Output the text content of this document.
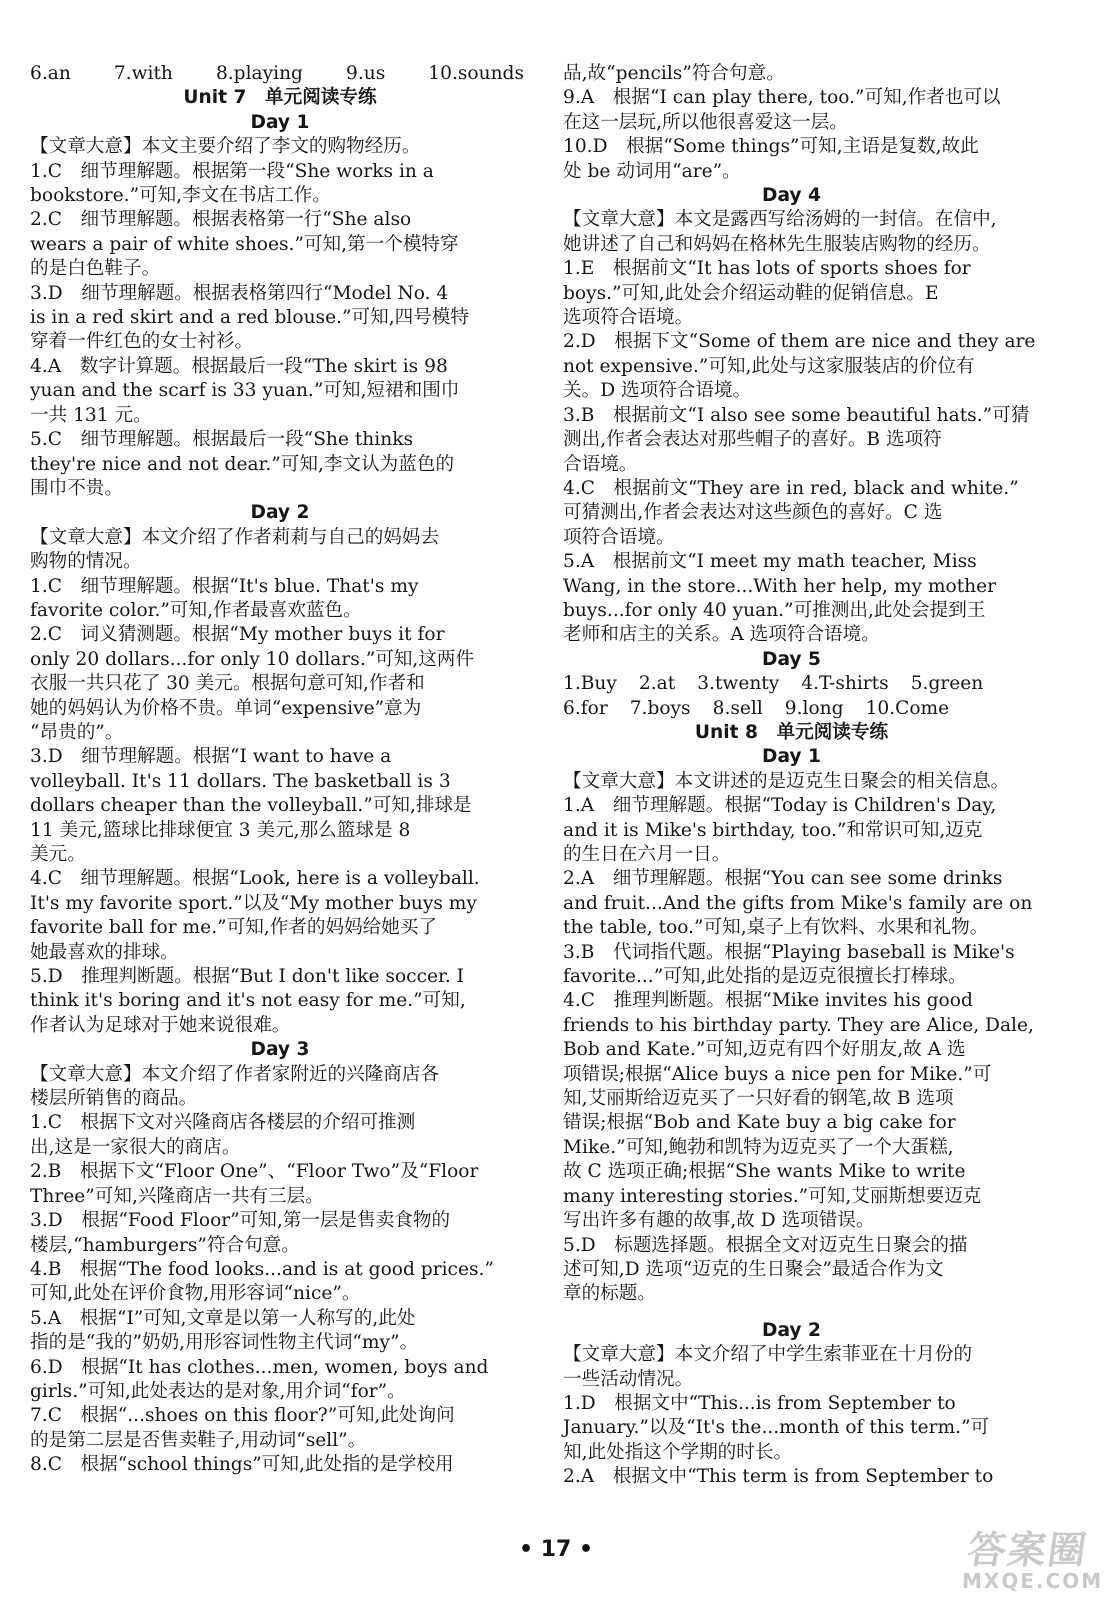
6.an 7.with 8.playing 9.us 10.sounds
Unit 7　单元阅读专练
Day 1
【文章大意】本文主要介绍了李文的购物经历。
1.C　细节理解题。根据第一段“She works in a
bookstore.”可知,李文在书店工作。
2.C　细节理解题。根据表格第一行“She also
wears a pair of white shoes.”可知,第一个模特穿
的是白色鞋子。
3.D　细节理解题。根据表格第四行“Model No. 4
is in a red skirt and a red blouse.”可知,四号模特
穿着一件红色的女士衬衫。
4.A　数字计算题。根据最后一段“The skirt is 98
yuan and the scarf is 33 yuan.”可知,短裙和围巾
一共 131 元。
5.C　细节理解题。根据最后一段“She thinks
they're nice and not dear.”可知,李文认为蓝色的
围巾不贵。
Day 2
【文章大意】本文介绍了作者莉莉与自己的妈妈去
购物的情况。
1.C　细节理解题。根据“It's blue. That's my
favorite color.”可知,作者最喜欢蓝色。
2.C　词义猜测题。根据“My mother buys it for
only 20 dollars...for only 10 dollars.”可知,这两件
衣服一共只花了 30 美元。根据句意可知,作者和
她的妈妈认为价格不贵。单词“expensive”意为
“昂贵的”。
3.D　细节理解题。根据“I want to have a
volleyball. It's 11 dollars. The basketball is 3
dollars cheaper than the volleyball.”可知,排球是
11 美元,篮球比排球便宜 3 美元,那么篮球是 8
美元。
4.C　细节理解题。根据“Look, here is a volleyball.
It's my favorite sport.”以及“My mother buys my
favorite ball for me.”可知,作者的妈妈给她买了
她最喜欢的排球。
5.D　推理判断题。根据“But I don't like soccer. I
think it's boring and it's not easy for me.”可知,
作者认为足球对于她来说很难。
Day 3
【文章大意】本文介绍了作者家附近的兴隆商店各
楼层所销售的商品。
1.C　根据下文对兴隆商店各楼层的介绍可推测
出,这是一家很大的商店。
2.B　根据下文“Floor One”、“Floor Two”及“Floor
Three”可知,兴隆商店一共有三层。
3.D　根据“Food Floor”可知,第一层是售卖食物的
楼层,“hamburgers”符合句意。
4.B　根据“The food looks...and is at good prices.”
可知,此处在评价食物,用形容词“nice”。
5.A　根据“I”可知,文章是以第一人称写的,此处
指的是“我的”奶奶,用形容词性物主代词“my”。
6.D　根据“It has clothes...men, women, boys and
girls.”可知,此处表达的是对象,用介词“for”。
7.C　根据“...shoes on this floor?”可知,此处询问
的是第二层是否售卖鞋子,用动词“sell”。
8.C　根据“school things”可知,此处指的是学校用
品,故“pencils”符合句意。
9.A　根据“I can play there, too.”可知,作者也可以
在这一层玩,所以他很喜爱这一层。
10.D　根据“Some things”可知,主语是复数,故此
处 be 动词用“are”。
Day 4
【文章大意】本文是露西写给汤姆的一封信。在信中,
她讲述了自己和妈妈在格林先生服装店购物的经历。
1.E　根据前文“It has lots of sports shoes for
boys.”可知,此处会介绍运动鞋的促销信息。E
选项符合语境。
2.D　根据下文“Some of them are nice and they are
not expensive.”可知,此处与这家服装店的价位有
关。D 选项符合语境。
3.B　根据前文“I also see some beautiful hats.”可猜
测出,作者会表达对那些帽子的喜好。B 选项符
合语境。
4.C　根据前文“They are in red, black and white.”
可猜测出,作者会表达对这些颜色的喜好。C 选
项符合语境。
5.A　根据前文“I meet my math teacher, Miss
Wang, in the store...With her help, my mother
buys...for only 40 yuan.”可推测出,此处会提到王
老师和店主的关系。A 选项符合语境。
Day 5
1.Buy 2.at 3.twenty 4.T-shirts 5.green
6.for 7.boys 8.sell 9.long 10.Come
Unit 8　单元阅读专练
Day 1
【文章大意】本文讲述的是迈克生日聚会的相关信息。
1.A　细节理解题。根据“Today is Children's Day,
and it is Mike's birthday, too.”和常识可知,迈克
的生日在六月一日。
2.A　细节理解题。根据“You can see some drinks
and fruit...And the gifts from Mike's family are on
the table, too.”可知,桌子上有饮料、水果和礼物。
3.B　代词指代题。根据“Playing baseball is Mike's
favorite...”可知,此处指的是迈克很擅长打棒球。
4.C　推理判断题。根据“Mike invites his good
friends to his birthday party. They are Alice, Dale,
Bob and Kate.”可知,迈克有四个好朋友,故 A 选
项错误;根据“Alice buys a nice pen for Mike.”可
知,艾丽斯给迈克买了一只好看的钢笔,故 B 选项
错误;根据“Bob and Kate buy a big cake for
Mike.”可知,鲍勃和凯特为迈克买了一个大蛋糕,
故 C 选项正确;根据“She wants Mike to write
many interesting stories.”可知,艾丽斯想要迈克
写出许多有趣的故事,故 D 选项错误。
5.D　标题选择题。根据全文对迈克生日聚会的描
述可知,D 选项“迈克的生日聚会”最适合作为文
章的标题。
Day 2
【文章大意】本文介绍了中学生索菲亚在十月份的
一些活动情况。
1.D　根据文中“This...is from September to
January.”以及“It's the...month of this term.”可
知,此处指这个学期的时长。
2.A　根据文中“This term is from September to
• 17 •	答案圈
MXQE.COM
